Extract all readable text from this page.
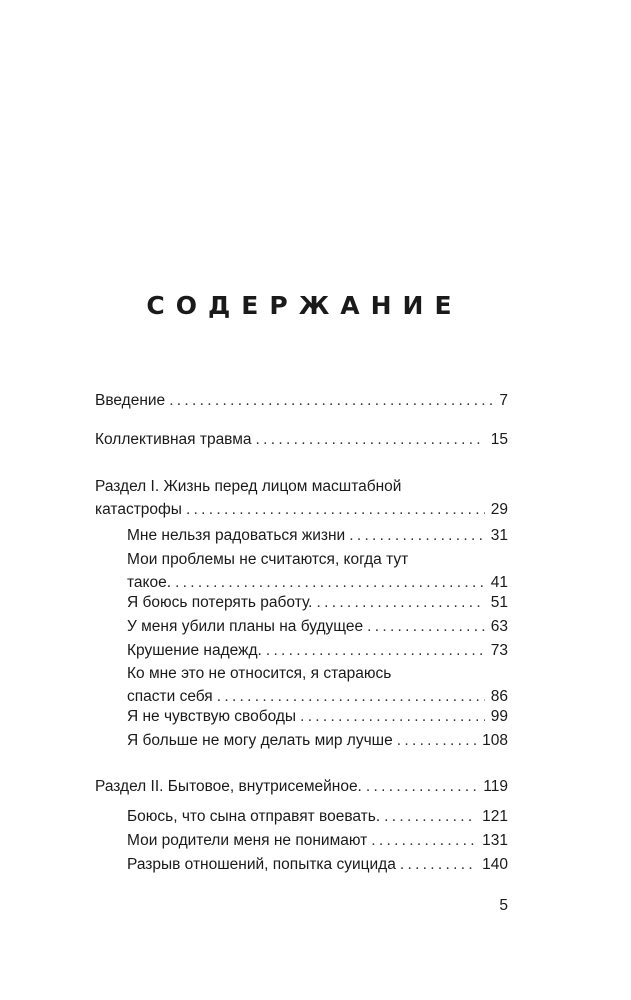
СОДЕРЖАНИЕ
Введение . . .	7
Коллективная травма . . .	15
Раздел I. Жизнь перед лицом масштабной
катастрофы . . .	29
Мне нельзя радоваться жизни . . .	31
Мои проблемы не считаются, когда тут
такое. . . .	41
Я боюсь потерять работу. . . .	51
У меня убили планы на будущее . . .	63
Крушение надежд. . . .	73
Ко мне это не относится, я стараюсь
спасти себя . . .	86
Я не чувствую свободы . . .	99
Я больше не могу делать мир лучше . . .	108
Раздел II. Бытовое, внутрисемейное. . . .	119
Боюсь, что сына отправят воевать. . . .	121
Мои родители меня не понимают . . .	131
Разрыв отношений, попытка суицида . . .	140
5
